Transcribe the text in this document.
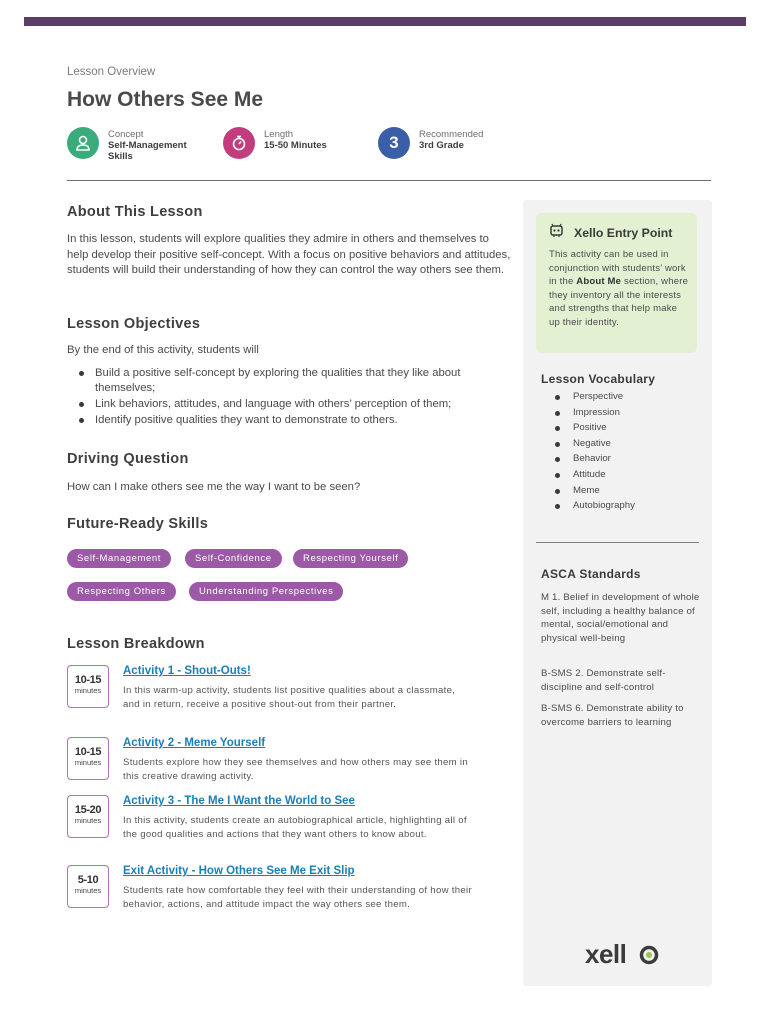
Lesson Overview
How Others See Me
Concept
Self-Management Skills
Length
15-50 Minutes	3	Recommended
3rd Grade
About This Lesson

In this lesson, students will explore qualities they admire in others and themselves to help develop their positive self-concept. With a focus on positive behaviors and attitudes, students will build their understanding of how they can control the way others see them.

Lesson Objectives

By the end of this activity, students will

Build a positive self-concept by exploring the qualities that they like about themselves;
Link behaviors, attitudes, and language with others’ perception of them;
Identify positive qualities they want to demonstrate to others.
Driving Question

How can I make others see me the way I want to be seen?

Future-Ready Skills
Self-Management	Self-Confidence	Respecting Yourself
Respecting Others	Understanding Perspectives
Lesson Breakdown
10-15
minutes
Activity 1 - Shout-Outs!
In this warm-up activity, students list positive qualities about a classmate, and in return, receive a positive shout-out from their partner.
10-15
minutes
Activity 2 - Meme Yourself
Students explore how they see themselves and how others may see them in this creative drawing activity.
15-20
minutes
Activity 3 - The Me I Want the World to See
In this activity, students create an autobiographical article, highlighting all of the good qualities and actions that they want others to know about.
5-10
minutes
Exit Activity - How Others See Me Exit Slip
Students rate how comfortable they feel with their understanding of how their behavior, actions, and attitude impact the way others see them.
Xello Entry Point
This activity can be used in conjunction with students’ work in the About Me section, where they inventory all the interests and strengths that help make up their identity.
Lesson Vocabulary
Perspective
Impression
Positive
Negative
Behavior
Attitude
Meme
Autobiography
ASCA Standards
M 1. Belief in development of whole self, including a healthy balance of mental, social/emotional and physical well-being
B-SMS 2. Demonstrate self-discipline and self-control
B-SMS 6. Demonstrate ability to overcome barriers to learning
xell
